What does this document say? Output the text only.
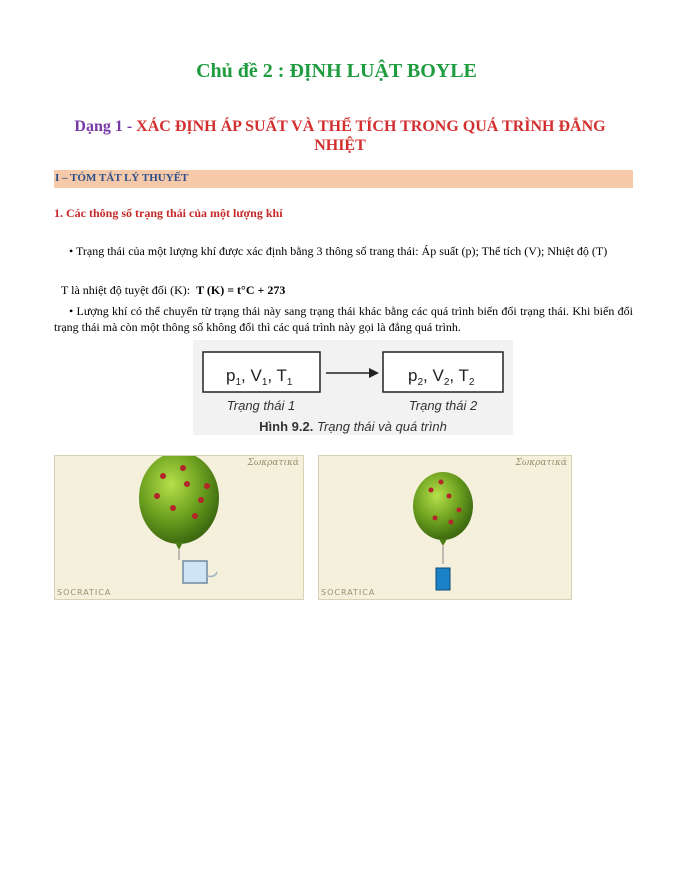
Chủ đề 2 : ĐỊNH LUẬT BOYLE
Dạng 1 - XÁC ĐỊNH ÁP SUẤT VÀ THỂ TÍCH TRONG QUÁ TRÌNH ĐẲNG NHIỆT
I – TÓM TẮT LÝ THUYẾT
1. Các thông số trạng thái của một lượng khí
• Trạng thái của một lượng khí được xác định bằng 3 thông số trang thái: Áp suất (p); Thể tích (V); Nhiệt độ (T)
T là nhiệt độ tuyệt đối (K): T (K) = t°C + 273
• Lượng khí có thể chuyển từ trạng thái này sang trạng thái khác bằng các quá trình biến đổi trạng thái. Khi biến đổi trạng thái mà còn một thông số không đổi thì các quá trình này gọi là đẳng quá trình.
$p_1$, $V_1$, $T_1$	$p_2$, $V_2$, $T_2$
Trạng thái 1	Trạng thái 2
Hình 9.2. Trạng thái và quá trình
SOCRATICA
Σωκρατικά
SOCRATICA
Σωκρατικά
